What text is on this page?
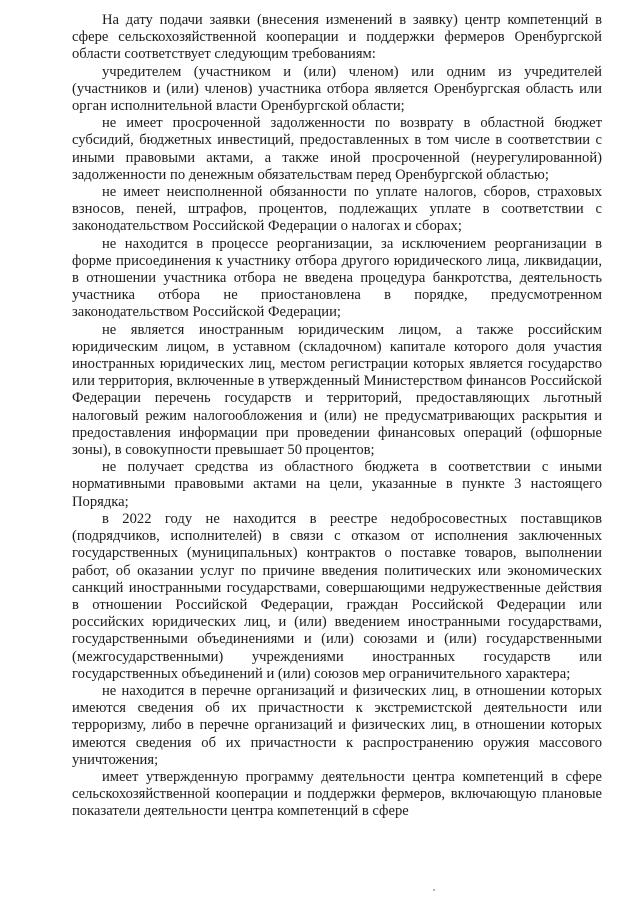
На дату подачи заявки (внесения изменений в заявку) центр компетенций в сфере сельскохозяйственной кооперации и поддержки фермеров Оренбургской области соответствует следующим требованиям:

учредителем (участником и (или) членом) или одним из учредителей (участников и (или) членов) участника отбора является Оренбургская область или орган исполнительной власти Оренбургской области;

не имеет просроченной задолженности по возврату в областной бюджет субсидий, бюджетных инвестиций, предоставленных в том числе в соответствии с иными правовыми актами, а также иной просроченной (неурегулированной) задолженности по денежным обязательствам перед Оренбургской областью;

не имеет неисполненной обязанности по уплате налогов, сборов, страховых взносов, пеней, штрафов, процентов, подлежащих уплате в соответствии с законодательством Российской Федерации о налогах и сборах;

не находится в процессе реорганизации, за исключением реорганизации в форме присоединения к участнику отбора другого юридического лица, ликвидации, в отношении участника отбора не введена процедура банкротства, деятельность участника отбора не приостановлена в порядке, предусмотренном законодательством Российской Федерации;

не является иностранным юридическим лицом, а также российским юридическим лицом, в уставном (складочном) капитале которого доля участия иностранных юридических лиц, местом регистрации которых является государство или территория, включенные в утвержденный Министерством финансов Российской Федерации перечень государств и территорий, предоставляющих льготный налоговый режим налогообложения и (или) не предусматривающих раскрытия и предоставления информации при проведении финансовых операций (офшорные зоны), в совокупности превышает 50 процентов;

не получает средства из областного бюджета в соответствии с иными нормативными правовыми актами на цели, указанные в пункте 3 настоящего Порядка;

в 2022 году не находится в реестре недобросовестных поставщиков (подрядчиков, исполнителей) в связи с отказом от исполнения заключенных государственных (муниципальных) контрактов о поставке товаров, выполнении работ, об оказании услуг по причине введения политических или экономических санкций иностранными государствами, совершающими недружественные действия в отношении Российской Федерации, граждан Российской Федерации или российских юридических лиц, и (или) введением иностранными государствами, государственными объединениями и (или) союзами и (или) государственными (межгосударственными) учреждениями иностранных государств или государственных объединений и (или) союзов мер ограничительного характера;

не находится в перечне организаций и физических лиц, в отношении которых имеются сведения об их причастности к экстремистской деятельности или терроризму, либо в перечне организаций и физических лиц, в отношении которых имеются сведения об их причастности к распространению оружия массового уничтожения;

имеет утвержденную программу деятельности центра компетенций в сфере сельскохозяйственной кооперации и поддержки фермеров, включающую плановые показатели деятельности центра компетенций в сфере
